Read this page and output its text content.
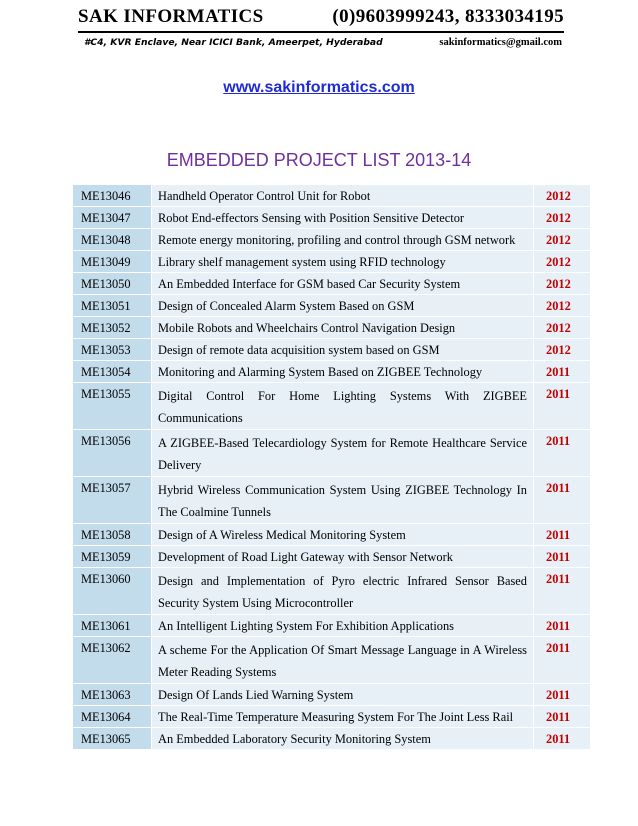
SAK INFORMATICS	(0)9603999243, 8333034195
#C4, KVR Enclave, Near ICICI Bank, Ameerpet, Hyderabad	sakinformatics@gmail.com
www.sakinformatics.com
EMBEDDED PROJECT LIST 2013-14
ME13046	Handheld Operator Control Unit for Robot	2012
ME13047	Robot End-effectors Sensing with Position Sensitive Detector	2012
ME13048	Remote energy monitoring, profiling and control through GSM network	2012
ME13049	Library shelf management system using RFID technology	2012
ME13050	An Embedded Interface for GSM based Car Security System	2012
ME13051	Design of Concealed Alarm System Based on GSM	2012
ME13052	Mobile Robots and Wheelchairs Control Navigation Design	2012
ME13053	Design of remote data acquisition system based on GSM	2012
ME13054	Monitoring and Alarming System Based on ZIGBEE Technology	2011
ME13055	Digital Control For Home Lighting Systems With ZIGBEE Communications	2011
ME13056	A ZIGBEE-Based Telecardiology System for Remote Healthcare Service Delivery	2011
ME13057	Hybrid Wireless Communication System Using ZIGBEE Technology In The Coalmine Tunnels	2011
ME13058	Design of A Wireless Medical Monitoring System	2011
ME13059	Development of Road Light Gateway with Sensor Network	2011
ME13060	Design and Implementation of Pyro electric Infrared Sensor Based Security System Using Microcontroller	2011
ME13061	An Intelligent Lighting System For Exhibition Applications	2011
ME13062	A scheme For the Application Of Smart Message Language in A Wireless Meter Reading Systems	2011
ME13063	Design Of Lands Lied Warning System	2011
ME13064	The Real-Time Temperature Measuring System For The Joint Less Rail	2011
ME13065	An Embedded Laboratory Security Monitoring System	2011
